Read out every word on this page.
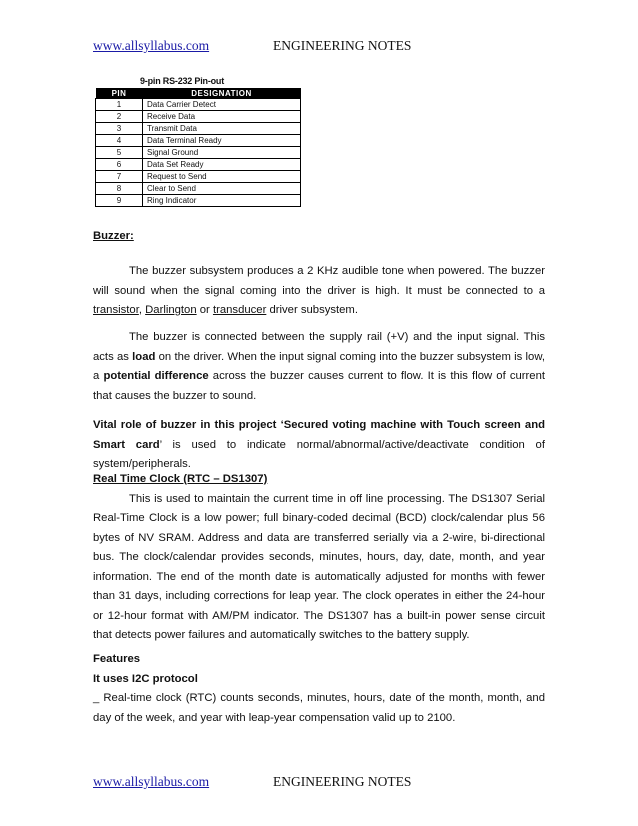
www.allsyllabus.com	ENGINEERING NOTES
9-pin RS-232 Pin-out
PIN	DESIGNATION
1	Data Carrier Detect
2	Receive Data
3	Transmit Data
4	Data Terminal Ready
5	Signal Ground
6	Data Set Ready
7	Request to Send
8	Clear to Send
9	Ring Indicator

Buzzer:

The buzzer subsystem produces a 2 KHz audible tone when powered. The buzzer will sound when the signal coming into the driver is high. It must be connected to a transistor, Darlington or transducer driver subsystem.

The buzzer is connected between the supply rail (+V) and the input signal. This acts as load on the driver. When the input signal coming into the buzzer subsystem is low, a potential difference across the buzzer causes current to flow. It is this flow of current that causes the buzzer to sound.

Vital role of buzzer in this project ‘Secured voting machine with Touch screen and Smart card’ is used to indicate normal/abnormal/active/deactivate condition of system/peripherals.

Real Time Clock (RTC – DS1307)

This is used to maintain the current time in off line processing. The DS1307 Serial Real-Time Clock is a low power; full binary-coded decimal (BCD) clock/calendar plus 56 bytes of NV SRAM. Address and data are transferred serially via a 2-wire, bi-directional bus. The clock/calendar provides seconds, minutes, hours, day, date, month, and year information. The end of the month date is automatically adjusted for months with fewer than 31 days, including corrections for leap year. The clock operates in either the 24-hour or 12-hour format with AM/PM indicator. The DS1307 has a built-in power sense circuit that detects power failures and automatically switches to the battery supply.

Features

It uses I2C protocol

_ Real-time clock (RTC) counts seconds, minutes, hours, date of the month, month, and day of the week, and year with leap-year compensation valid up to 2100.

www.allsyllabus.com	ENGINEERING NOTES
